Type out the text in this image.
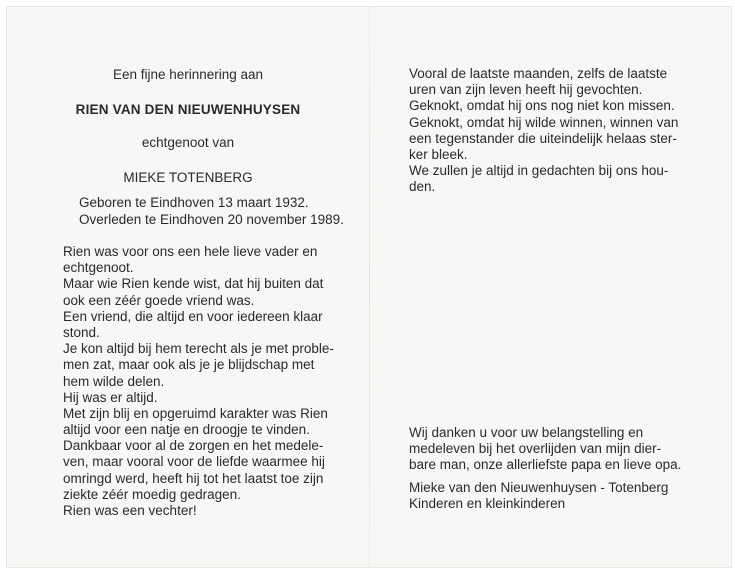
Een fijne herinnering aan
RIEN VAN DEN NIEUWENHUYSEN
echtgenoot van
MIEKE TOTENBERG
Geboren te Eindhoven 13 maart 1932.
Overleden te Eindhoven 20 november 1989.
Rien was voor ons een hele lieve vader en
echtgenoot.
Maar wie Rien kende wist, dat hij buiten dat
ook een zéér goede vriend was.
Een vriend, die altijd en voor iedereen klaar
stond.
Je kon altijd bij hem terecht als je met proble-
men zat, maar ook als je je blijdschap met
hem wilde delen.
Hij was er altijd.
Met zijn blij en opgeruimd karakter was Rien
altijd voor een natje en droogje te vinden.
Dankbaar voor al de zorgen en het medele-
ven, maar vooral voor de liefde waarmee hij
omringd werd, heeft hij tot het laatst toe zijn
ziekte zéér moedig gedragen.
Rien was een vechter!
Vooral de laatste maanden, zelfs de laatste
uren van zijn leven heeft hij gevochten.
Geknokt, omdat hij ons nog niet kon missen.
Geknokt, omdat hij wilde winnen, winnen van
een tegenstander die uiteindelijk helaas ster-
ker bleek.
We zullen je altijd in gedachten bij ons hou-
den.
Wij danken u voor uw belangstelling en
medeleven bij het overlijden van mijn dier-
bare man, onze allerliefste papa en lieve opa.
Mieke van den Nieuwenhuysen - Totenberg
Kinderen en kleinkinderen
